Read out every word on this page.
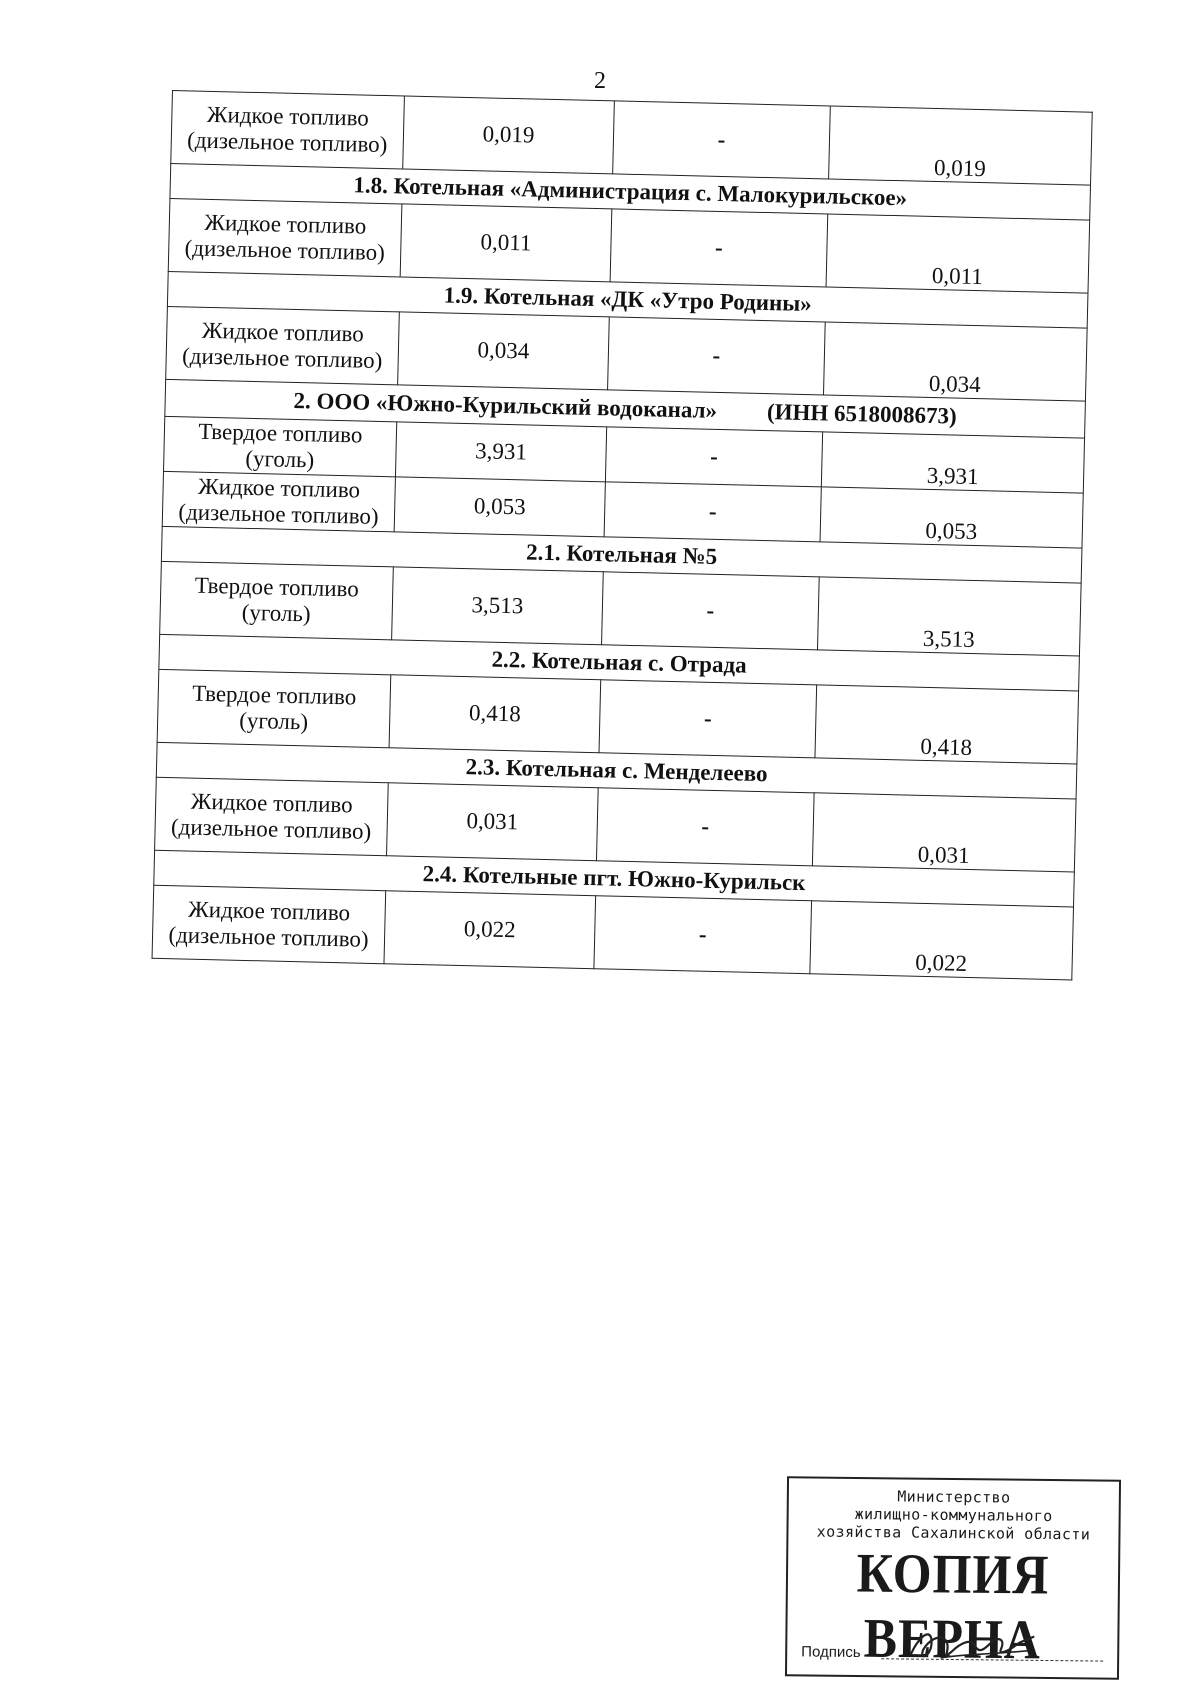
2
Жидкое топливо
(дизельное топливо)	0,019	-	0,019
1.8. Котельная «Администрация с. Малокурильское»			

Жидкое топливо
(дизельное топливо)	0,011	-	0,011
1.9. Котельная «ДК «Утро Родины»			

Жидкое топливо
(дизельное топливо)	0,034	-	0,034
2. ООО «Южно-Курильский водоканал» (ИНН 6518008673)			

Твердое топливо
(уголь)	3,931	-	3,931

Жидкое топливо
(дизельное топливо)	0,053	-	0,053
2.1. Котельная №5			

Твердое топливо
(уголь)	3,513	-	3,513
2.2. Котельная с. Отрада			

Твердое топливо
(уголь)	0,418	-	0,418
2.3. Котельная с. Менделеево			

Жидкое топливо
(дизельное топливо)	0,031	-	0,031
2.4. Котельные пгт. Южно-Курильск			

Жидкое топливо
(дизельное топливо)	0,022	-	0,022
Министерство
жилищно-коммунального
хозяйства Сахалинской области
КОПИЯ ВЕРНА
Подпись
